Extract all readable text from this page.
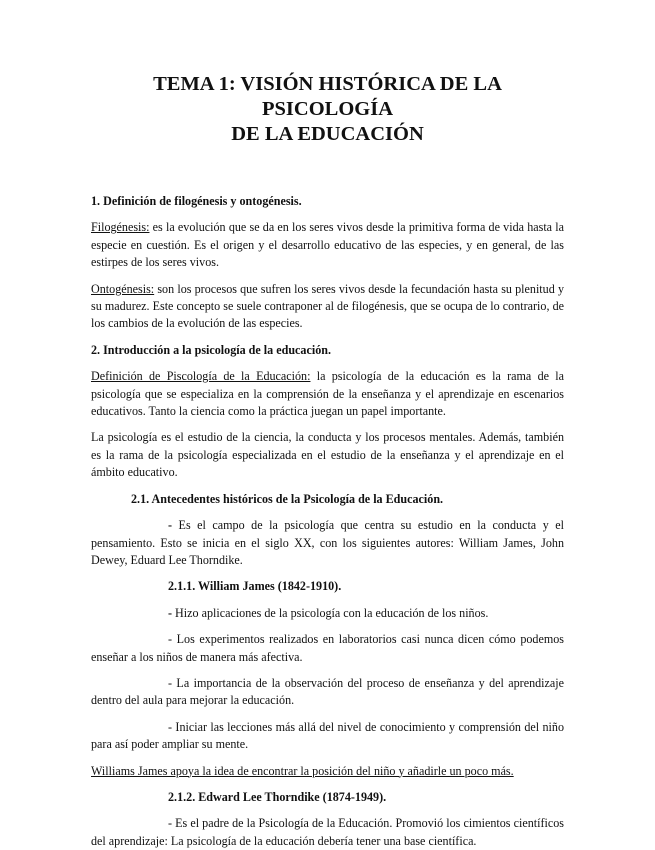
TEMA 1: VISIÓN HISTÓRICA DE LA PSICOLOGÍA
DE LA EDUCACIÓN
1. Definición de filogénesis y ontogénesis.

Filogénesis: es la evolución que se da en los seres vivos desde la primitiva forma de vida hasta la especie en cuestión. Es el origen y el desarrollo educativo de las especies, y en general, de las estirpes de los seres vivos.

Ontogénesis: son los procesos que sufren los seres vivos desde la fecundación hasta su plenitud y su madurez. Este concepto se suele contraponer al de filogénesis, que se ocupa de lo contrario, de los cambios de la evolución de las especies.

2. Introducción a la psicología de la educación.

Definición de Piscología de la Educación: la psicología de la educación es la rama de la psicología que se especializa en la comprensión de la enseñanza y el aprendizaje en escenarios educativos. Tanto la ciencia como la práctica juegan un papel importante.

La psicología es el estudio de la ciencia, la conducta y los procesos mentales. Además, también es la rama de la psicología especializada en el estudio de la enseñanza y el aprendizaje en el ámbito educativo.

2.1. Antecedentes históricos de la Psicología de la Educación.

- Es el campo de la psicología que centra su estudio en la conducta y el pensamiento. Esto se inicia en el siglo XX, con los siguientes autores: William James, John Dewey, Eduard Lee Thorndike.

2.1.1. William James (1842-1910).

- Hizo aplicaciones de la psicología con la educación de los niños.

- Los experimentos realizados en laboratorios casi nunca dicen cómo podemos enseñar a los niños de manera más afectiva.

- La importancia de la observación del proceso de enseñanza y del aprendizaje dentro del aula para mejorar la educación.

- Iniciar las lecciones más allá del nivel de conocimiento y comprensión del niño para así poder ampliar su mente.

Williams James apoya la idea de encontrar la posición del niño y añadirle un poco más.
2.1.2. Edward Lee Thorndike (1874-1949).

- Es el padre de la Psicología de la Educación. Promovió los cimientos científicos del aprendizaje: La psicología de la educación debería tener una base científica.
